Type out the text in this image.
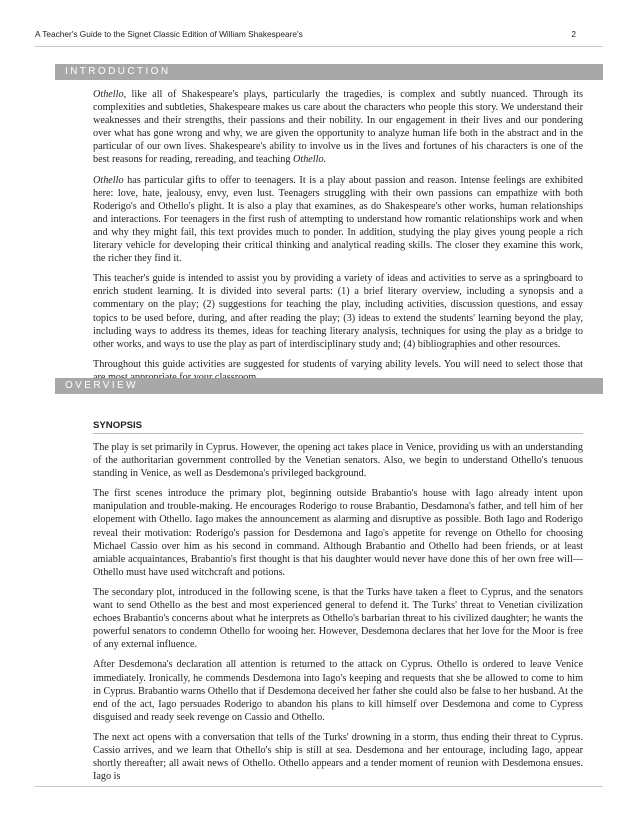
A Teacher's Guide to the Signet Classic Edition of William Shakespeare's	2
INTRODUCTION

Othello, like all of Shakespeare's plays, particularly the tragedies, is complex and subtly nuanced. Through its complexities and subtleties, Shakespeare makes us care about the characters who people this story. We understand their weaknesses and their strengths, their passions and their nobility. In our engagement in their lives and our pondering over what has gone wrong and why, we are given the opportunity to analyze human life both in the abstract and in the particular of our own lives. Shakespeare's ability to involve us in the lives and fortunes of his characters is one of the best reasons for reading, rereading, and teaching Othello.

Othello has particular gifts to offer to teenagers. It is a play about passion and reason. Intense feelings are exhibited here: love, hate, jealousy, envy, even lust. Teenagers struggling with their own passions can empathize with both Roderigo's and Othello's plight. It is also a play that examines, as do Shakespeare's other works, human relationships and interactions. For teenagers in the first rush of attempting to understand how romantic relationships work and when and why they might fail, this text provides much to ponder. In addition, studying the play gives young people a rich literary vehicle for developing their critical thinking and analytical reading skills. The closer they examine this work, the richer they find it.

This teacher's guide is intended to assist you by providing a variety of ideas and activities to serve as a springboard to enrich student learning. It is divided into several parts: (1) a brief literary overview, including a synopsis and a commentary on the play; (2) suggestions for teaching the play, including activities, discussion questions, and essay topics to be used before, during, and after reading the play; (3) ideas to extend the students' learning beyond the play, including ways to address its themes, ideas for teaching literary analysis, techniques for using the play as a bridge to other works, and ways to use the play as part of interdisciplinary study and; (4) bibliographies and other resources.

Throughout this guide activities are suggested for students of varying ability levels. You will need to select those that

OVERVIEW
SYNOPSIS

The play is set primarily in Cyprus. However, the opening act takes place in Venice, providing us with an understanding of the authoritarian government controlled by the Venetian senators. Also, we begin to understand Othello's tenuous standing in Venice, as well as Desdemona's privileged background.

The first scenes introduce the primary plot, beginning outside Brabantio's house with Iago already intent upon manipulation and trouble-making. He encourages Roderigo to rouse Brabantio, Desdamona's father, and tell him of her elopement with Othello. Iago makes the announcement as alarming and disruptive as possible. Both Iago and Roderigo reveal their motivation: Roderigo's passion for Desdemona and Iago's appetite for revenge on Othello for choosing Michael Cassio over him as his second in command. Although Brabantio and Othello had been friends, or at least amiable acquaintances, Brabantio's first thought is that his daughter would never have done this of her own free will—Othello must have used witchcraft and potions.

The secondary plot, introduced in the following scene, is that the Turks have taken a fleet to Cyprus, and the senators want to send Othello as the best and most experienced general to defend it. The Turks' threat to Venetian civilization echoes Brabantio's concerns about what he interprets as Othello's barbarian threat to his civilized daughter; he wants the powerful senators to condemn Othello for wooing her. However, Desdemona declares that her love for the Moor is free of any external influence.

After Desdemona's declaration all attention is returned to the attack on Cyprus. Othello is ordered to leave Venice immediately. Ironically, he commends Desdemona into Iago's keeping and requests that she be allowed to come to him in Cyprus. Brabantio warns Othello that if Desdemona deceived her father she could also be false to her husband. At the end of the act, Iago persuades Roderigo to abandon his plans to kill himself over Desdemona and come to Cypress disguised and ready seek revenge on Cassio and Othello.

The next act opens with a conversation that tells of the Turks' drowning in a storm, thus ending their threat to Cyprus. Cassio arrives, and we learn that Othello's ship is still at sea. Desdemona and her entourage, including Iago, appear shortly thereafter; all await news of Othello. Othello appears and a tender moment of reunion with Desdemona ensues. Iago is
